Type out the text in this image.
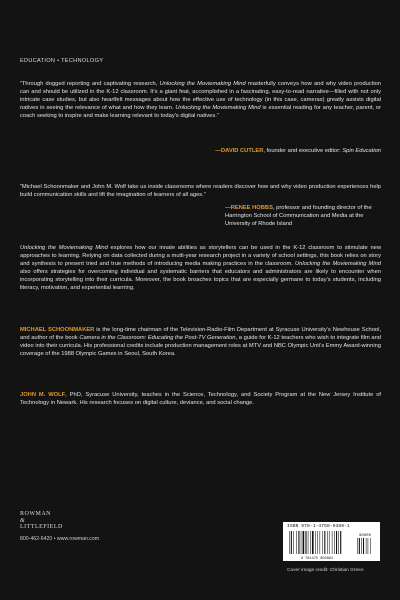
EDUCATION • TECHNOLOGY

“Through dogged reporting and captivating research, Unlocking the Moviemaking Mind masterfully conveys how and why video production can and should be utilized in the K-12 classroom. It’s a giant feat, accomplished in a fascinating, easy-to-read narrative—filled with not only intricate case studies, but also heartfelt messages about how the effective use of technology (in this case, cameras) greatly assists digital natives in seeing the relevance of what and how they learn. Unlocking the Moviemaking Mind is essential reading for any teacher, parent, or coach seeking to inspire and make learning relevant to today’s digital natives.”

—DAVID CUTLER, founder and executive editor: Spin Education

“Michael Schoonmaker and John M. Wolf take us inside classrooms where readers discover how and why video production experiences help build communication skills and lift the imagination of learners of all ages.”

—RENEE HOBBS, professor and founding director of the Harrington School of Communication and Media at the University of Rhode Island

Unlocking the Moviemaking Mind explores how our innate abilities as storytellers can be used in the K-12 classroom to stimulate new approaches to learning. Relying on data collected during a multi-year research project in a variety of school settings, this book relies on story and synthesis to present tried and true methods of introducing media making practices in the classroom. Unlocking the Moviemaking Mind also offers strategies for overcoming individual and systematic barriers that educators and administrators are likely to encounter when incorporating storytelling into their curricula. Moreover, the book broaches topics that are especially germane to today’s students, including literacy, motivation, and experiential learning.

MICHAEL SCHOONMAKER is the long-time chairman of the Television-Radio-Film Department at Syracuse University’s Newhouse School, and author of the book Camera in the Classroom: Educating the Post-TV Generation, a guide for K-12 teachers who wish to integrate film and video into their curricula. His professional credits include production management roles at MTV and NBC Olympic Unit’s Emmy Award-winning coverage of the 1988 Olympic Games in Seoul, South Korea.

JOHN M. WOLF, PhD, Syracuse University, teaches in the Science, Technology, and Society Program at the New Jersey Institute of Technology in Newark. His research focuses on digital culture, deviance, and social change.

ROWMAN
&
LITTLEFIELD
800-462-6420 • www.rowman.com
ISBN 978-1-4758-0389-1
90000
9 781475 803891
Cover image credit: Christian Green
